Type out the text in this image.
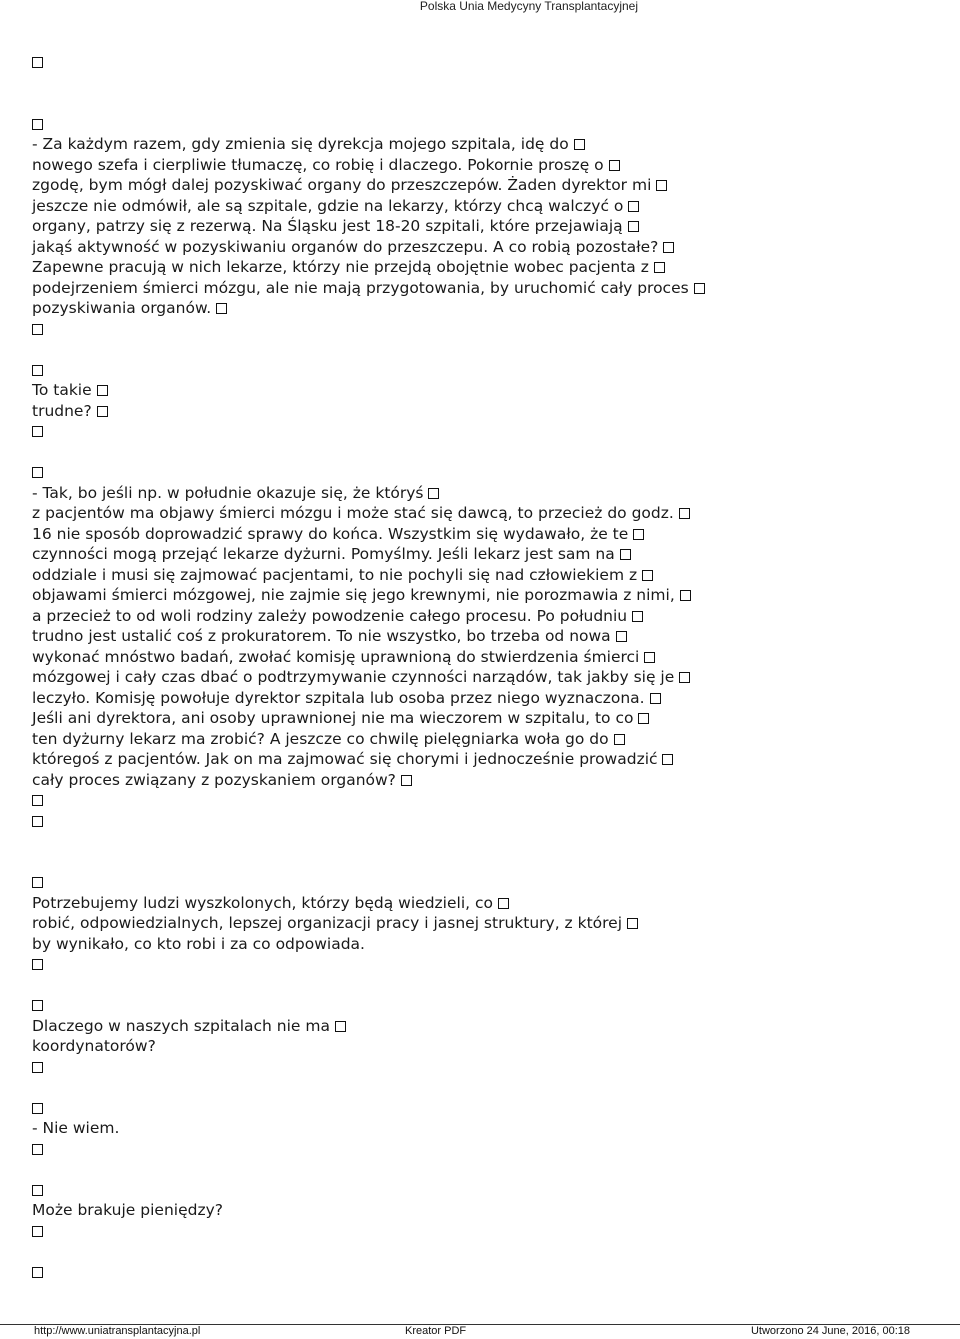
Polska Unia Medycyny Transplantacyjnej
- Za każdym razem, gdy zmienia się dyrekcja mojego szpitala, idę do
nowego szefa i cierpliwie tłumaczę, co robię i dlaczego. Pokornie proszę o
zgodę, bym mógł dalej pozyskiwać organy do przeszczepów. Żaden dyrektor mi
jeszcze nie odmówił, ale są szpitale, gdzie na lekarzy, którzy chcą walczyć o
organy, patrzy się z rezerwą. Na Śląsku jest 18-20 szpitali, które przejawiają
jakąś aktywność w pozyskiwaniu organów do przeszczepu. A co robią pozostałe?
Zapewne pracują w nich lekarze, którzy nie przejdą obojętnie wobec pacjenta z
podejrzeniem śmierci mózgu, ale nie mają przygotowania, by uruchomić cały proces
pozyskiwania organów.
To takie
trudne?
- Tak, bo jeśli np. w południe okazuje się, że któryś
z pacjentów ma objawy śmierci mózgu i może stać się dawcą, to przecież do godz.
16 nie sposób doprowadzić sprawy do końca. Wszystkim się wydawało, że te
czynności mogą przejąć lekarze dyżurni. Pomyślmy. Jeśli lekarz jest sam na
oddziale i musi się zajmować pacjentami, to nie pochyli się nad człowiekiem z
objawami śmierci mózgowej, nie zajmie się jego krewnymi, nie porozmawia z nimi,
a przecież to od woli rodziny zależy powodzenie całego procesu. Po południu
trudno jest ustalić coś z prokuratorem. To nie wszystko, bo trzeba od nowa
wykonać mnóstwo badań, zwołać komisję uprawnioną do stwierdzenia śmierci
mózgowej i cały czas dbać o podtrzymywanie czynności narządów, tak jakby się je
leczyło. Komisję powołuje dyrektor szpitala lub osoba przez niego wyznaczona.
Jeśli ani dyrektora, ani osoby uprawnionej nie ma wieczorem w szpitalu, to co
ten dyżurny lekarz ma zrobić? A jeszcze co chwilę pielęgniarka woła go do
któregoś z pacjentów. Jak on ma zajmować się chorymi i jednocześnie prowadzić
cały proces związany z pozyskaniem organów?
Potrzebujemy ludzi wyszkolonych, którzy będą wiedzieli, co
robić, odpowiedzialnych, lepszej organizacji pracy i jasnej struktury, z której
by wynikało, co kto robi i za co odpowiada.
Dlaczego w naszych szpitalach nie ma
koordynatorów?
- Nie wiem.
Może brakuje pieniędzy?
http://www.uniatransplantacyjna.pl	Kreator PDF	Utworzono 24 June, 2016, 00:18
